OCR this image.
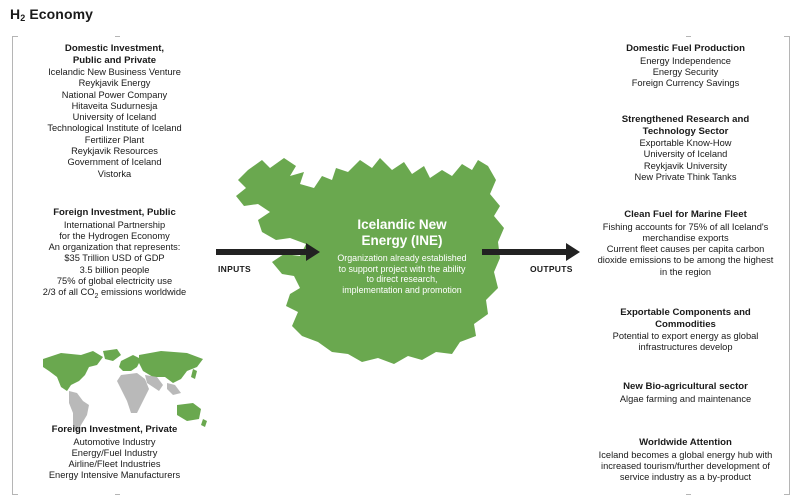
$H_2$ Economy
INPUTS	OUTPUTS
Icelandic New
Energy (INE)
Organization already established
to support project with the ability
to direct research,
implementation and promotion
Domestic Investment,
Public and Private
Icelandic New Business Venture
Reykjavik Energy
National Power Company
Hitaveita Sudurnesja
University of Iceland
Technological Institute of Iceland
Fertilizer Plant
Reykjavik Resources
Government of Iceland
Vistorka
Foreign Investment, Public
International Partnership
for the Hydrogen Economy
An organization that represents:
$35 Trillion USD of GDP
3.5 billion people
75% of global electricity use
2/3 of all $CO_2$ emissions worldwide
Foreign Investment, Private
Automotive Industry
Energy/Fuel Industry
Airline/Fleet Industries
Energy Intensive Manufacturers
Domestic Fuel Production
Energy Independence
Energy Security
Foreign Currency Savings
Strengthened Research and
Technology Sector
Exportable Know-How
University of Iceland
Reykjavik University
New Private Think Tanks
Clean Fuel for Marine Fleet
Fishing accounts for 75% of all Iceland's
merchandise exports
Current fleet causes per capita carbon
dioxide emissions to be among the highest
in the region
Exportable Components and
Commodities
Potential to export energy as global
infrastructures develop
New Bio-agricultural sector
Algae farming and maintenance
Worldwide Attention
Iceland becomes a global energy hub with
increased tourism/further development of
service industry as a by-product
